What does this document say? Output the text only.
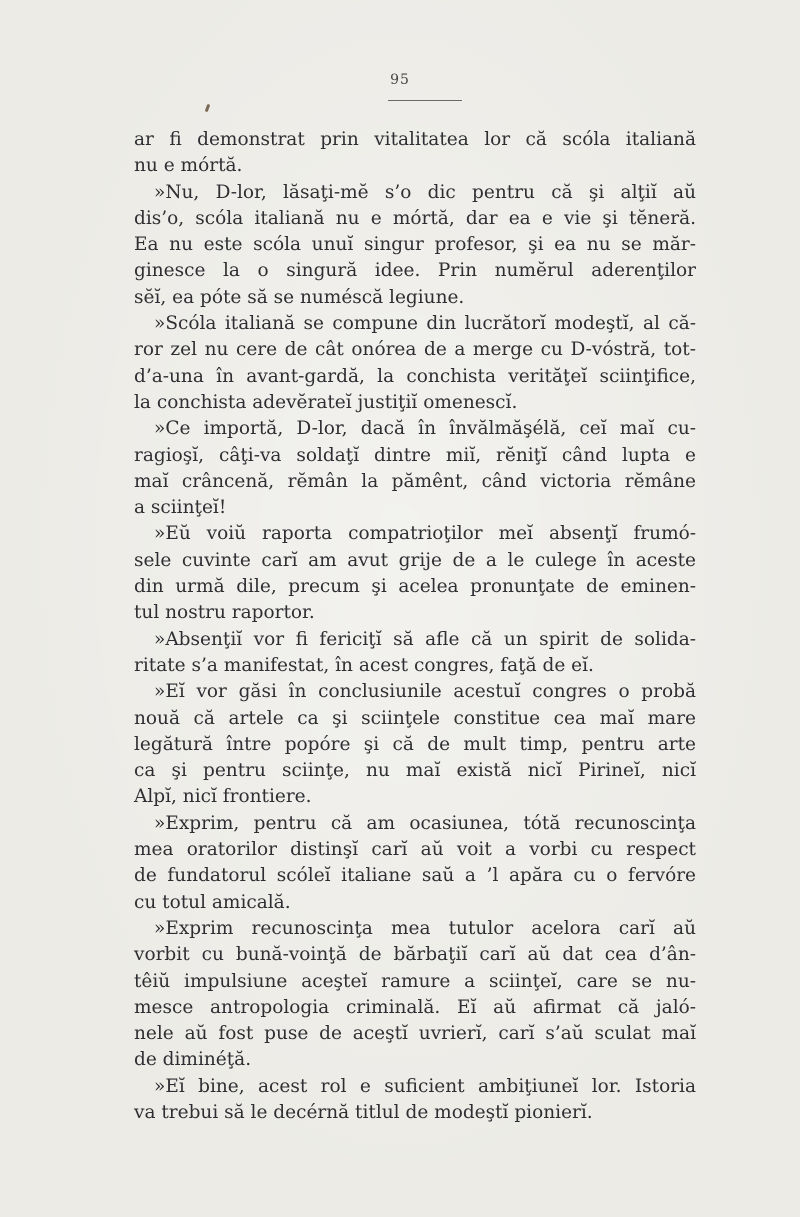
95
ar fi demonstrat prin vitalitatea lor că scóla italiană
nu e mórtă.
»Nu, D-lor, lăsaţi-mĕ s’o dic pentru că şi alţiĭ aŭ
dis’o, scóla italiană nu e mórtă, dar ea e vie şi tĕneră.
Ea nu este scóla unuĭ singur profesor, şi ea nu se măr-
ginesce la o singură idee. Prin numĕrul aderenţilor
sĕĭ, ea póte să se numéscă legiune.
»Scóla italiană se compune din lucrătorĭ modeştĭ, al că-
ror zel nu cere de cât onórea de a merge cu D-vóstră, tot-
d’a-una în avant-gardă, la conchista verităţeĭ sciinţifice,
la conchista adevĕrateĭ justiţiĭ omenescĭ.
»Ce importă, D-lor, dacă în învălmăşélă, ceĭ maĭ cu-
ragioşĭ, câţi-va soldaţĭ dintre miĭ, rĕniţĭ când lupta e
maĭ crâncenă, rĕmân la pămênt, când victoria rĕmâne
a sciinţeĭ!
»Eŭ voiŭ raporta compatrioţilor meĭ absenţĭ frumó-
sele cuvinte carĭ am avut grije de a le culege în aceste
din urmă dile, precum şi acelea pronunţate de eminen-
tul nostru raportor.
»Absenţiĭ vor fi fericiţĭ să afle că un spirit de solida-
ritate s’a manifestat, în acest congres, faţă de eĭ.
»Eĭ vor găsi în conclusiunile acestuĭ congres o probă
nouă că artele ca şi sciinţele constitue cea maĭ mare
legătură între popóre şi că de mult timp, pentru arte
ca şi pentru sciinţe, nu maĭ există nicĭ Pirineĭ, nicĭ
Alpĭ, nicĭ frontiere.
»Exprim, pentru că am ocasiunea, tótă recunoscinţa
mea oratorilor distinşĭ carĭ aŭ voit a vorbi cu respect
de fundatorul scóleĭ italiane saŭ a ’l apăra cu o fervóre
cu totul amicală.
»Exprim recunoscinţa mea tutulor acelora carĭ aŭ
vorbit cu bună-voinţă de bărbaţiĭ carĭ aŭ dat cea d’ân-
têiŭ impulsiune aceşteĭ ramure a sciinţeĭ, care se nu-
mesce antropologia criminală. Eĭ aŭ afirmat că jaló-
nele aŭ fost puse de aceştĭ uvrierĭ, carĭ s’aŭ sculat maĭ
de diminéţă.
»Eĭ bine, acest rol e suficient ambiţiuneĭ lor. Istoria
va trebui să le decérnă titlul de modeştĭ pionierĭ.
